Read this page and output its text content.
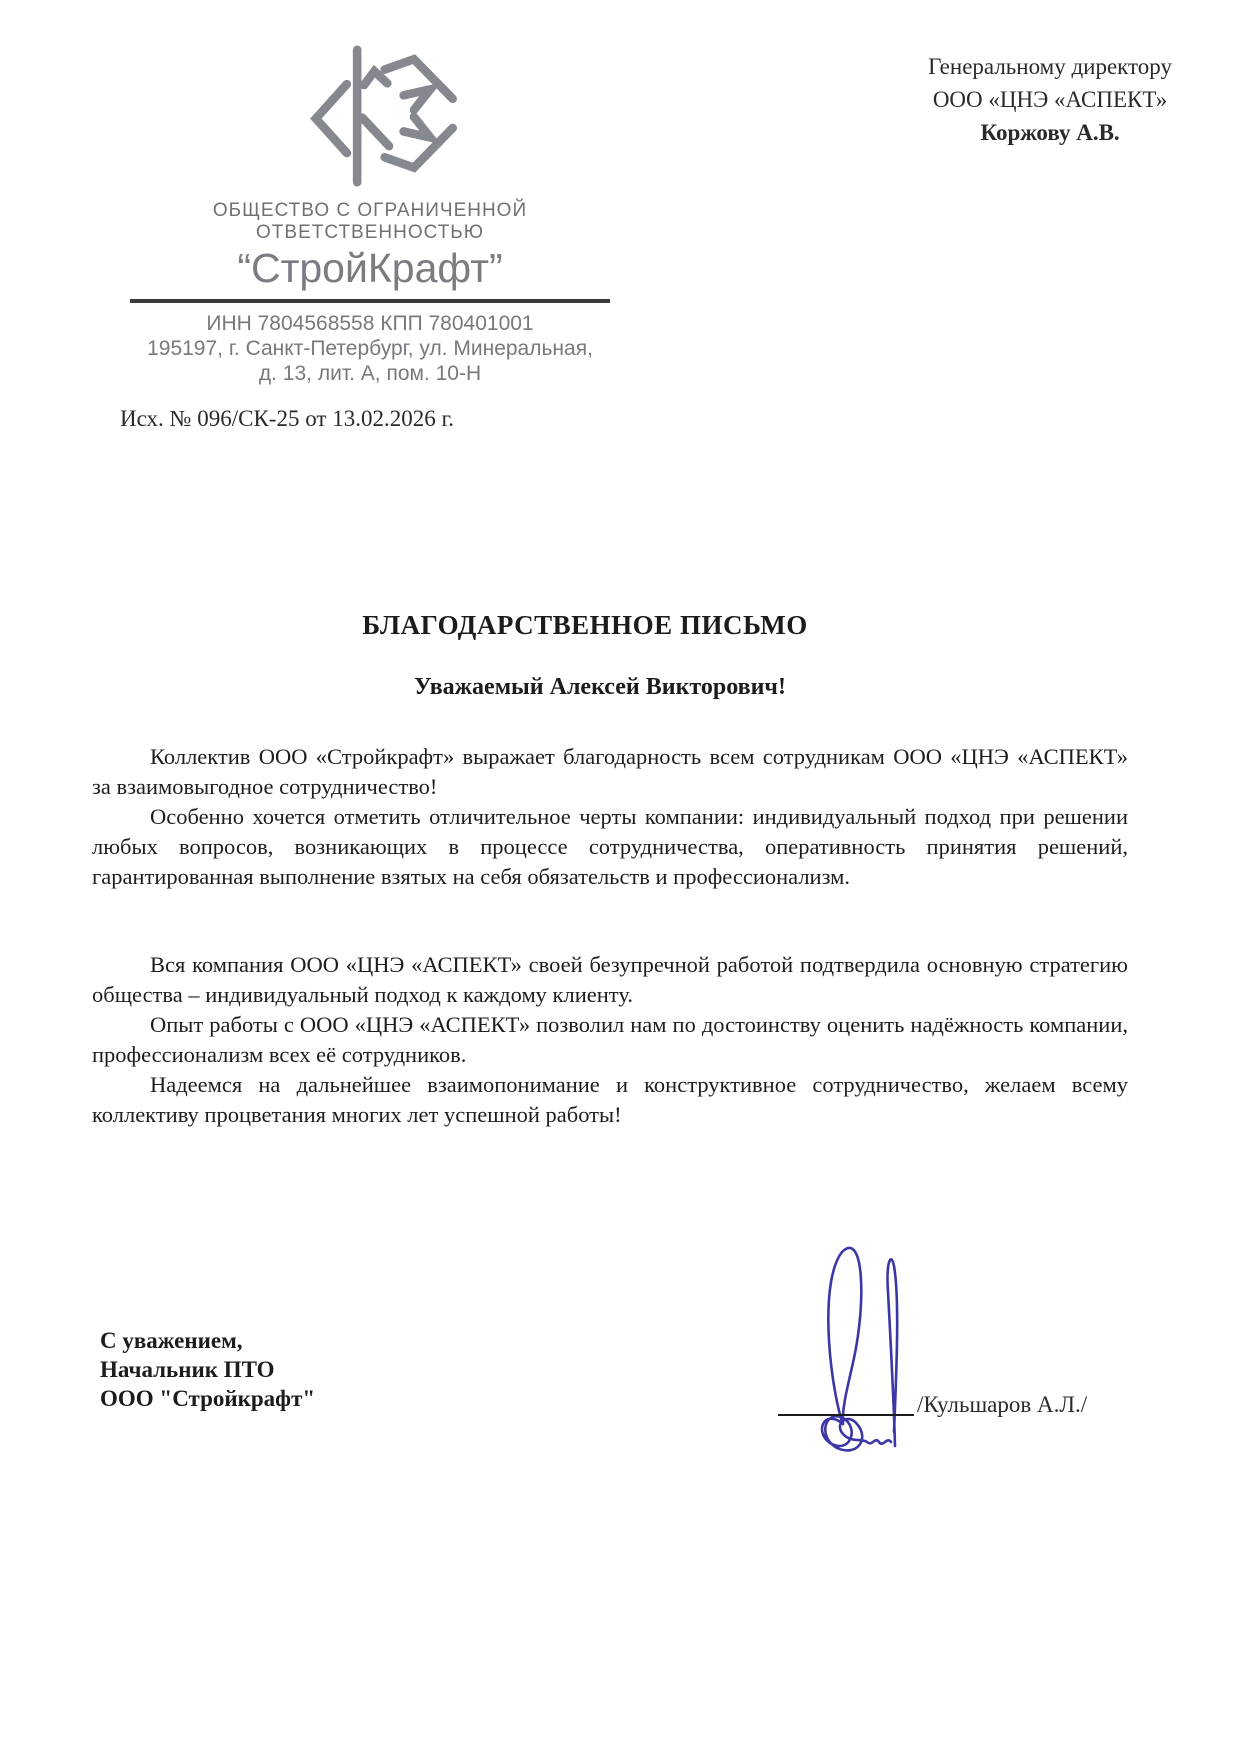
Генеральному директору
ООО «ЦНЭ «АСПЕКТ»
Коржову А.В.
ОБЩЕСТВО С ОГРАНИЧЕННОЙ
ОТВЕТСТВЕННОСТЬЮ
“СтройКрафт”
ИНН 7804568558 КПП 780401001
195197, г. Санкт-Петербург, ул. Минеральная,
д. 13, лит. А, пом. 10-Н
Исх. № 096/СК-25 от 13.02.2026 г.
БЛАГОДАРСТВЕННОЕ ПИСЬМО
Уважаемый Алексей Викторович!

Коллектив ООО «Стройкрафт» выражает благодарность всем сотрудникам ООО «ЦНЭ «АСПЕКТ» за взаимовыгодное сотрудничество!

Особенно хочется отметить отличительное черты компании: индивидуальный подход при решении любых вопросов, возникающих в процессе сотрудничества, оперативность принятия решений, гарантированная выполнение взятых на себя обязательств и профессионализм.

Вся компания ООО «ЦНЭ «АСПЕКТ» своей безупречной работой подтвердила основную стратегию общества – индивидуальный подход к каждому клиенту.

Опыт работы с ООО «ЦНЭ «АСПЕКТ» позволил нам по достоинству оценить надёжность компании, профессионализм всех её сотрудников.

Надеемся на дальнейшее взаимопонимание и конструктивное сотрудничество, желаем всему коллективу процветания многих лет успешной работы!

С уважением,
Начальник ПТО
ООО "Стройкрафт"	/Кульшаров А.Л./
